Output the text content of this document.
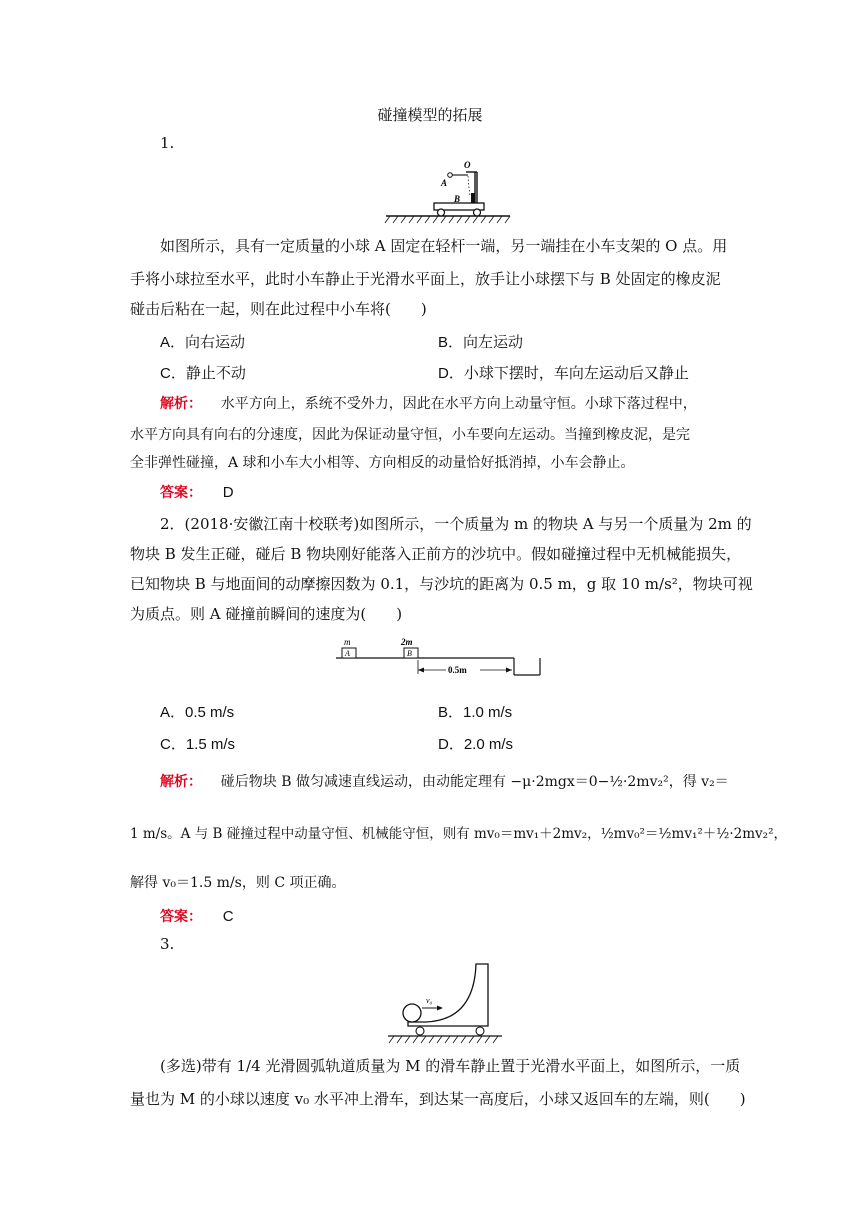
碰撞模型的拓展
1.
O
A
B
如图所示，具有一定质量的小球 A 固定在轻杆一端，另一端挂在小车支架的 O 点。用
手将小球拉至水平，此时小车静止于光滑水平面上，放手让小球摆下与 B 处固定的橡皮泥
碰击后粘在一起，则在此过程中小车将(　　)
A．向右运动	B．向左运动
C．静止不动	D．小球下摆时，车向左运动后又静止
解析： 水平方向上，系统不受外力，因此在水平方向上动量守恒。小球下落过程中，
水平方向具有向右的分速度，因此为保证动量守恒，小车要向左运动。当撞到橡皮泥，是完
全非弹性碰撞，A 球和小车大小相等、方向相反的动量恰好抵消掉，小车会静止。
答案： D
2．(2018·安徽江南十校联考)如图所示，一个质量为 m 的物块 A 与另一个质量为 2m 的
物块 B 发生正碰，碰后 B 物块刚好能落入正前方的沙坑中。假如碰撞过程中无机械能损失，
已知物块 B 与地面间的动摩擦因数为 0.1，与沙坑的距离为 0.5 m，g 取 10 m/s²，物块可视
为质点。则 A 碰撞前瞬间的速度为(　　)
A
m
B
2m
0.5m
A．0.5 m/s	B．1.0 m/s
C．1.5 m/s	D．2.0 m/s
解析： 碰后物块 B 做匀减速直线运动，由动能定理有 −μ·2mgx＝0−½·2mv₂²，得 v₂＝
1 m/s。A 与 B 碰撞过程中动量守恒、机械能守恒，则有 mv₀＝mv₁＋2mv₂，½mv₀²＝½mv₁²＋½·2mv₂²，
解得 v₀＝1.5 m/s，则 C 项正确。
答案： C
3.
v₀
(多选)带有 1/4 光滑圆弧轨道质量为 M 的滑车静止置于光滑水平面上，如图所示，一质
量也为 M 的小球以速度 v₀ 水平冲上滑车，到达某一高度后，小球又返回车的左端，则(　　)
